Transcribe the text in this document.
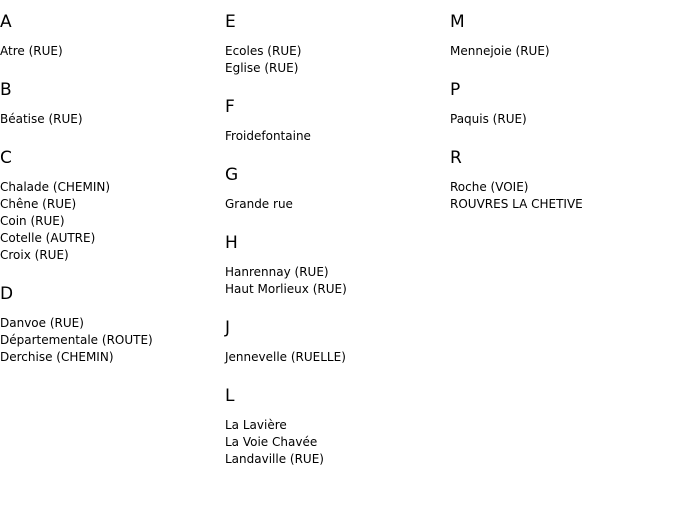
A
Atre (RUE)
B
Béatise (RUE)
C
Chalade (CHEMIN)
Chêne (RUE)
Coin (RUE)
Cotelle (AUTRE)
Croix (RUE)
D
Danvoe (RUE)
Départementale (ROUTE)
Derchise (CHEMIN)
E
Ecoles (RUE)
Eglise (RUE)
F
Froidefontaine
G
Grande rue
H
Hanrennay (RUE)
Haut Morlieux (RUE)
J
Jennevelle (RUELLE)
L
La Lavière
La Voie Chavée
Landaville (RUE)
M
Mennejoie (RUE)
P
Paquis (RUE)
R
Roche (VOIE)
ROUVRES LA CHETIVE
